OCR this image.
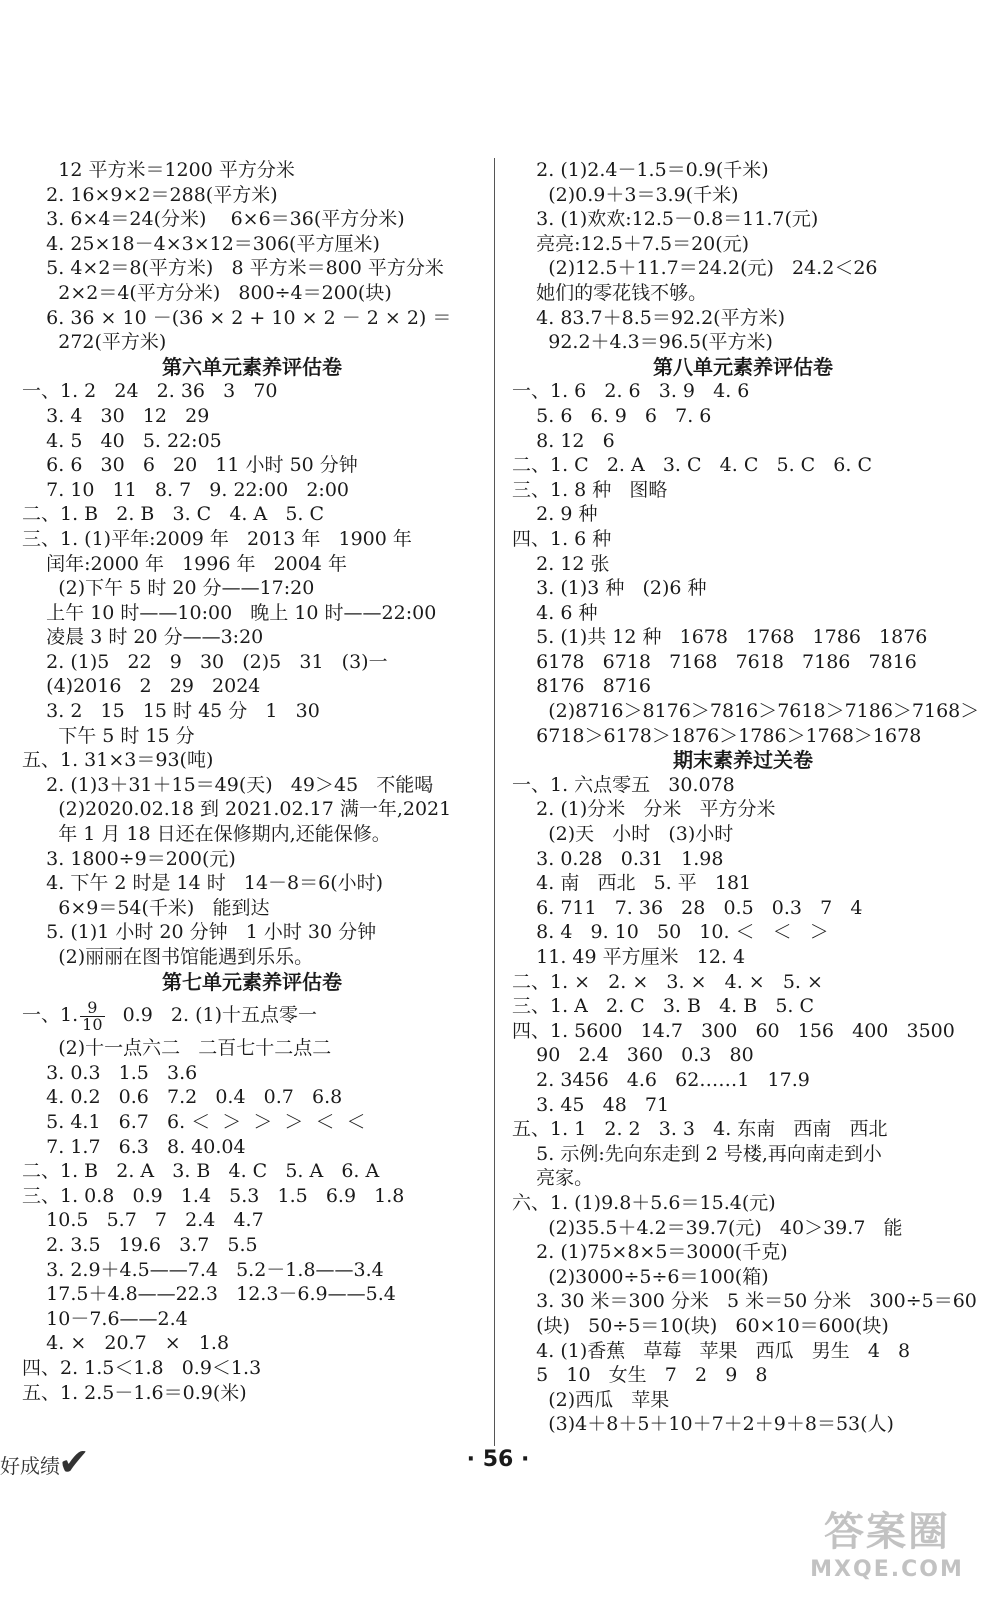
12 平方米＝1200 平方分米
2. 16×9×2＝288(平方米)
3. 6×4＝24(分米)    6×6＝36(平方分米)
4. 25×18－4×3×12＝306(平方厘米)
5. 4×2＝8(平方米)   8 平方米＝800 平方分米
2×2＝4(平方分米)   800÷4＝200(块)
6. 36 × 10 －(36 × 2 + 10 × 2 － 2 × 2) ＝
272(平方米)
第六单元素养评估卷
一、1. 2   24   2. 36   3   70
3. 4   30   12   29
4. 5   40   5. 22:05
6. 6   30   6   20   11 小时 50 分钟
7. 10   11   8. 7   9. 22:00   2:00
二、1. B   2. B   3. C   4. A   5. C
三、1. (1)平年:2009 年   2013 年   1900 年
闰年:2000 年   1996 年   2004 年
(2)下午 5 时 20 分——17:20
上午 10 时——10:00   晚上 10 时——22:00
凌晨 3 时 20 分——3:20
2. (1)5   22   9   30   (2)5   31   (3)一
(4)2016   2   29   2024
3. 2   15   15 时 45 分   1   30
下午 5 时 15 分
五、1. 31×3＝93(吨)
2. (1)3＋31＋15＝49(天)   49＞45   不能喝
(2)2020.02.18 到 2021.02.17 满一年,2021
年 1 月 18 日还在保修期内,还能保修。
3. 1800÷9＝200(元)
4. 下午 2 时是 14 时   14－8＝6(小时)
6×9＝54(千米)   能到达
5. (1)1 小时 20 分钟   1 小时 30 分钟
(2)丽丽在图书馆能遇到乐乐。
第七单元素养评估卷
一、1. $\frac{9}{10} 0.9$   2. (1)十五点零一
(2)十一点六二   二百七十二点二
3. 0.3   1.5   3.6
4. 0.2   0.6   7.2   0.4   0.7   6.8
5. 4.1   6.7   6. ＜  ＞  ＞  ＞  ＜  ＜
7. 1.7   6.3   8. 40.04
二、1. B   2. A   3. B   4. C   5. A   6. A
三、1. 0.8   0.9   1.4   5.3   1.5   6.9   1.8
10.5   5.7   7   2.4   4.7
2. 3.5   19.6   3.7   5.5
3. 2.9＋4.5——7.4   5.2－1.8——3.4
17.5＋4.8——22.3   12.3－6.9——5.4
10－7.6——2.4
4. ×   20.7   ×   1.8
四、2. 1.5＜1.8   0.9＜1.3
五、1. 2.5－1.6＝0.9(米)
2. (1)2.4－1.5＝0.9(千米)
(2)0.9＋3＝3.9(千米)
3. (1)欢欢:12.5－0.8＝11.7(元)
亮亮:12.5＋7.5＝20(元)
(2)12.5＋11.7＝24.2(元)   24.2＜26
她们的零花钱不够。
4. 83.7＋8.5＝92.2(平方米)
92.2＋4.3＝96.5(平方米)
第八单元素养评估卷
一、1. 6   2. 6   3. 9   4. 6
5. 6   6. 9   6   7. 6
8. 12   6
二、1. C   2. A   3. C   4. C   5. C   6. C
三、1. 8 种   图略
2. 9 种
四、1. 6 种
2. 12 张
3. (1)3 种   (2)6 种
4. 6 种
5. (1)共 12 种   1678   1768   1786   1876
6178   6718   7168   7618   7186   7816
8176   8716
(2)8716＞8176＞7816＞7618＞7186＞7168＞
6718＞6178＞1876＞1786＞1768＞1678
期末素养过关卷
一、1. 六点零五   30.078
2. (1)分米   分米   平方分米
(2)天   小时   (3)小时
3. 0.28   0.31   1.98
4. 南   西北   5. 平   181
6. 711   7. 36   28   0.5   0.3   7   4
8. 4   9. 10   50   10. ＜   ＜   ＞
11. 49 平方厘米   12. 4
二、1. ×   2. ×   3. ×   4. ×   5. ×
三、1. A   2. C   3. B   4. B   5. C
四、1. 5600   14.7   300   60   156   400   3500
90   2.4   360   0.3   80
2. 3456   4.6   62……1   17.9
3. 45   48   71
五、1. 1   2. 2   3. 3   4. 东南   西南   西北
5. 示例:先向东走到 2 号楼,再向南走到小
亮家。
六、1. (1)9.8＋5.6＝15.4(元)
(2)35.5＋4.2＝39.7(元)   40＞39.7   能
2. (1)75×8×5＝3000(千克)
(2)3000÷5÷6＝100(箱)
3. 30 米＝300 分米   5 米＝50 分米   300÷5＝60
(块)   50÷5＝10(块)   60×10＝600(块)
4. (1)香蕉   草莓   苹果   西瓜   男生   4   8
5   10   女生   7   2   9   8
(2)西瓜   苹果
(3)4＋8＋5＋10＋7＋2＋9＋8＝53(人)
好成绩
✔	· 56 ·
答案圈
MXQE.COM
